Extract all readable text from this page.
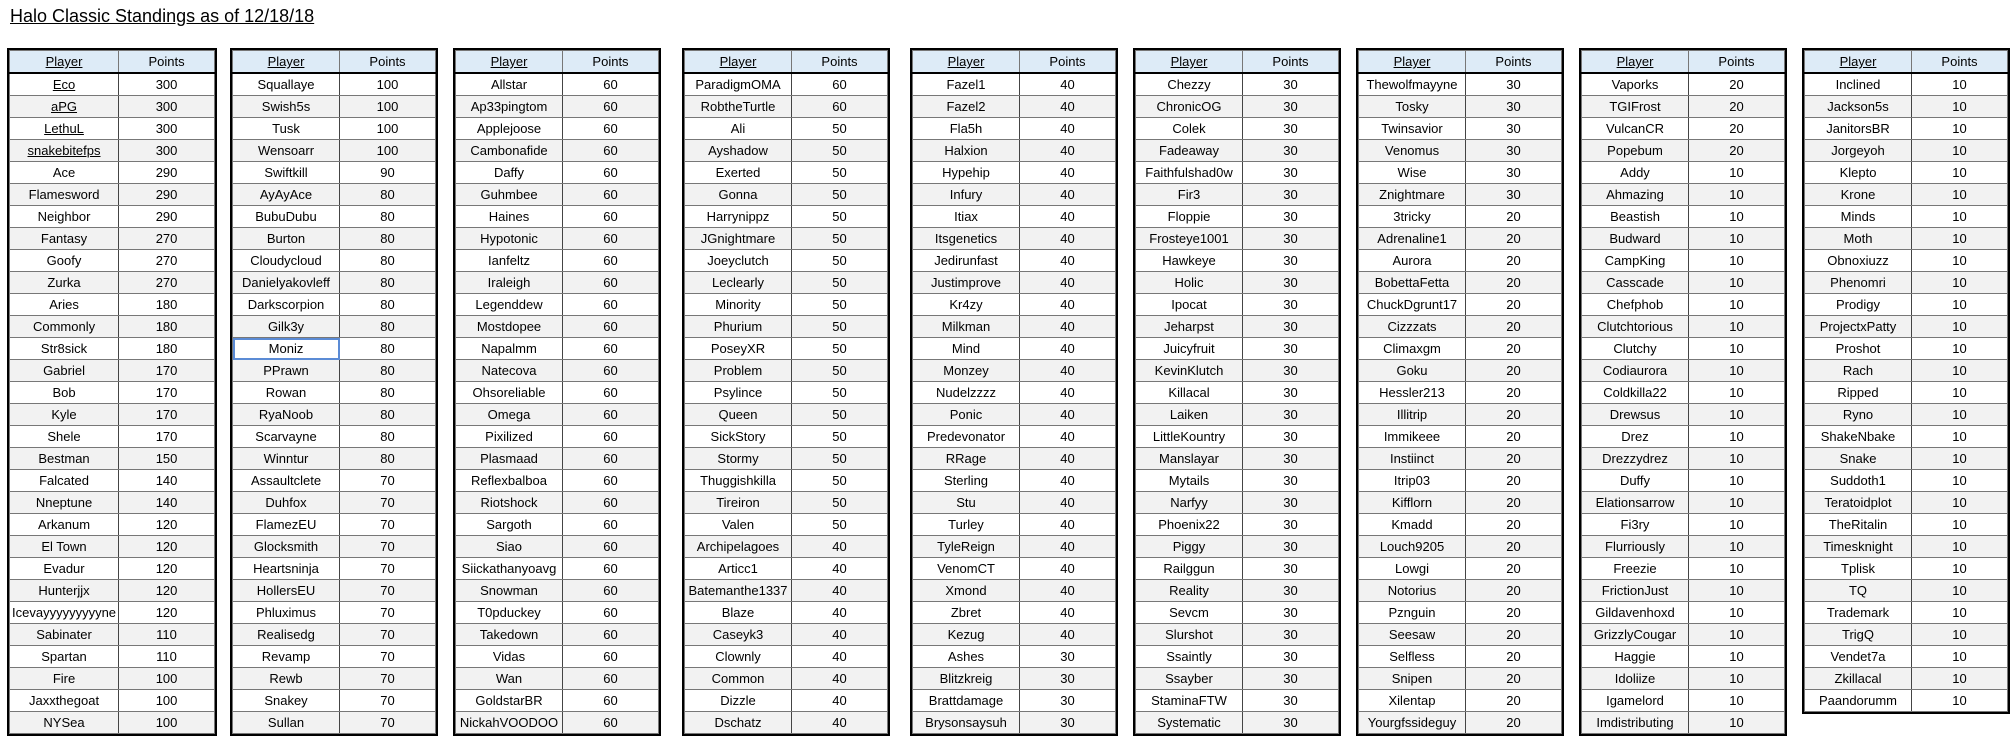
Halo Classic Standings as of 12/18/18
Player	Points
Eco	300
aPG	300
LethuL	300
snakebitefps	300
Ace	290
Flamesword	290
Neighbor	290
Fantasy	270
Goofy	270
Zurka	270
Aries	180
Commonly	180
Str8sick	180
Gabriel	170
Bob	170
Kyle	170
Shele	170
Bestman	150
Falcated	140
Nneptune	140
Arkanum	120
El Town	120
Evadur	120
Hunterjjx	120
Icevayyyyyyyyyne	120
Sabinater	110
Spartan	110
Fire	100
Jaxxthegoat	100
NYSea	100
Player	Points
Squallaye	100
Swish5s	100
Tusk	100
Wensoarr	100
Swiftkill	90
AyAyAce	80
BubuDubu	80
Burton	80
Cloudycloud	80
Danielyakovleff	80
Darkscorpion	80
Gilk3y	80
Moniz	80
PPrawn	80
Rowan	80
RyaNoob	80
Scarvayne	80
Winntur	80
Assaultclete	70
Duhfox	70
FlamezEU	70
Glocksmith	70
Heartsninja	70
HollersEU	70
Phluximus	70
Realisedg	70
Revamp	70
Rewb	70
Snakey	70
Sullan	70
Player	Points
Allstar	60
Ap33pingtom	60
Applejoose	60
Cambonafide	60
Daffy	60
Guhmbee	60
Haines	60
Hypotonic	60
Ianfeltz	60
Iraleigh	60
Legenddew	60
Mostdopee	60
Napalmm	60
Natecova	60
Ohsoreliable	60
Omega	60
Pixilized	60
Plasmaad	60
Reflexbalboa	60
Riotshock	60
Sargoth	60
Siao	60
Siickathanyoavg	60
Snowman	60
T0pduckey	60
Takedown	60
Vidas	60
Wan	60
GoldstarBR	60
NickahVOODOO	60
Player	Points
ParadigmOMA	60
RobtheTurtle	60
Ali	50
Ayshadow	50
Exerted	50
Gonna	50
Harrynippz	50
JGnightmare	50
Joeyclutch	50
Leclearly	50
Minority	50
Phurium	50
PoseyXR	50
Problem	50
Psylince	50
Queen	50
SickStory	50
Stormy	50
Thuggishkilla	50
Tireiron	50
Valen	50
Archipelagoes	40
Articc1	40
Batemanthe1337	40
Blaze	40
Caseyk3	40
Clownly	40
Common	40
Dizzle	40
Dschatz	40
Player	Points
Fazel1	40
Fazel2	40
Fla5h	40
Halxion	40
Hypehip	40
Infury	40
Itiax	40
Itsgenetics	40
Jedirunfast	40
Justimprove	40
Kr4zy	40
Milkman	40
Mind	40
Monzey	40
Nudelzzzz	40
Ponic	40
Predevonator	40
RRage	40
Sterling	40
Stu	40
Turley	40
TyleReign	40
VenomCT	40
Xmond	40
Zbret	40
Kezug	40
Ashes	30
Blitzkreig	30
Brattdamage	30
Brysonsaysuh	30
Player	Points
Chezzy	30
ChronicOG	30
Colek	30
Fadeaway	30
Faithfulshad0w	30
Fir3	30
Floppie	30
Frosteye1001	30
Hawkeye	30
Holic	30
Ipocat	30
Jeharpst	30
Juicyfruit	30
KevinKlutch	30
Killacal	30
Laiken	30
LittleKountry	30
Manslayar	30
Mytails	30
Narfyy	30
Phoenix22	30
Piggy	30
Railggun	30
Reality	30
Sevcm	30
Slurshot	30
Ssaintly	30
Ssayber	30
StaminaFTW	30
Systematic	30
Player	Points
Thewolfmayyne	30
Tosky	30
Twinsavior	30
Venomus	30
Wise	30
Znightmare	30
3tricky	20
Adrenaline1	20
Aurora	20
BobettaFetta	20
ChuckDgrunt17	20
Cizzzats	20
Climaxgm	20
Goku	20
Hessler213	20
Illitrip	20
Immikeee	20
Instiinct	20
Itrip03	20
Kifflorn	20
Kmadd	20
Louch9205	20
Lowgi	20
Notorius	20
Pznguin	20
Seesaw	20
Selfless	20
Snipen	20
Xilentap	20
Yourgfssideguy	20
Player	Points
Vaporks	20
TGIFrost	20
VulcanCR	20
Popebum	20
Addy	10
Ahmazing	10
Beastish	10
Budward	10
CampKing	10
Casscade	10
Chefphob	10
Clutchtorious	10
Clutchy	10
Codiaurora	10
Coldkilla22	10
Drewsus	10
Drez	10
Drezzydrez	10
Duffy	10
Elationsarrow	10
Fi3ry	10
Flurriously	10
Freezie	10
FrictionJust	10
Gildavenhoxd	10
GrizzlyCougar	10
Haggie	10
Idoliize	10
Igamelord	10
Imdistributing	10
Player	Points
Inclined	10
Jackson5s	10
JanitorsBR	10
Jorgeyoh	10
Klepto	10
Krone	10
Minds	10
Moth	10
Obnoxiuzz	10
Phenomri	10
Prodigy	10
ProjectxPatty	10
Proshot	10
Rach	10
Ripped	10
Ryno	10
ShakeNbake	10
Snake	10
Suddoth1	10
Teratoidplot	10
TheRitalin	10
Timesknight	10
Tplisk	10
TQ	10
Trademark	10
TrigQ	10
Vendet7a	10
Zkillacal	10
Paandorumm	10
